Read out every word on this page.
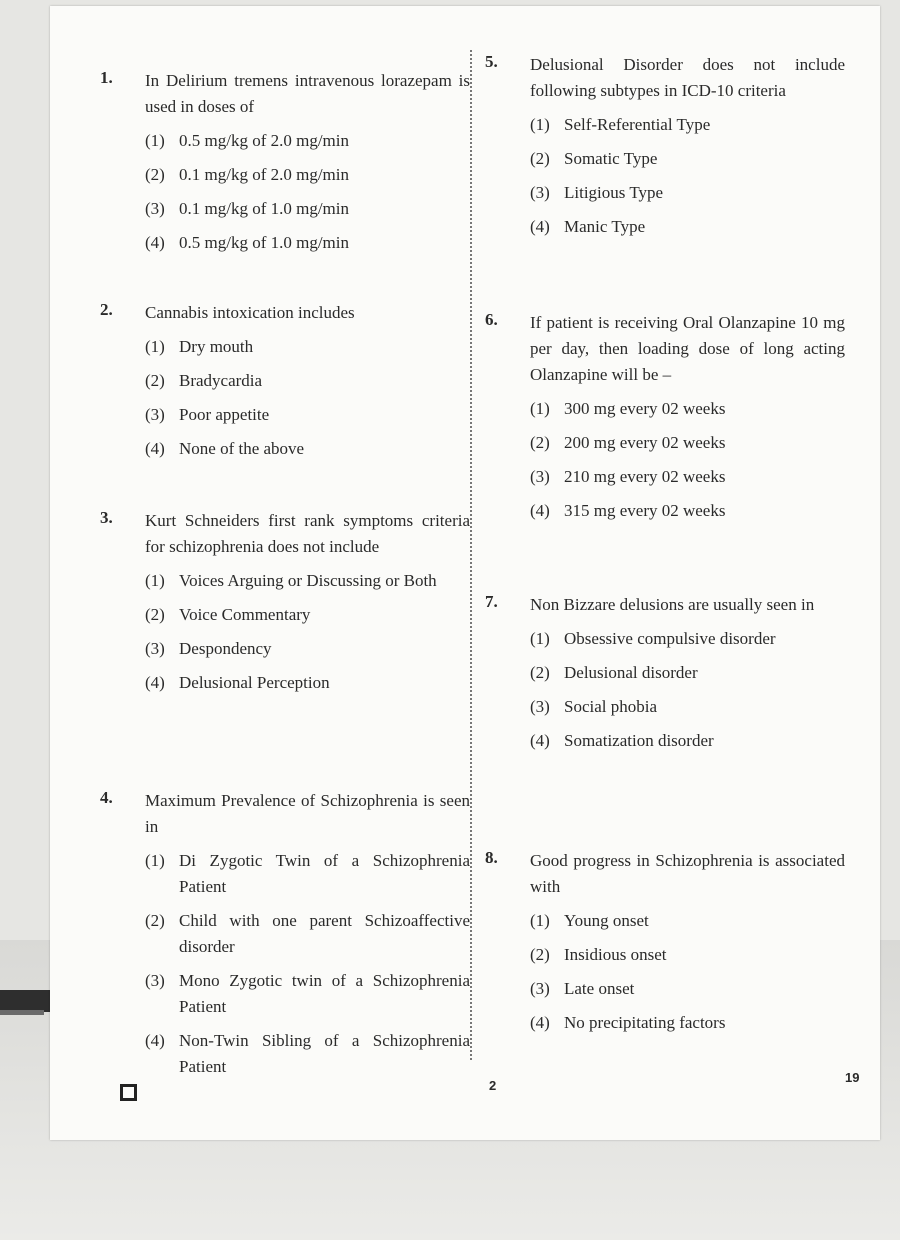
1.	In Delirium tremens intravenous lorazepam is used in doses of
(1) 0.5 mg/kg of 2.0 mg/min
(2) 0.1 mg/kg of 2.0 mg/min
(3) 0.1 mg/kg of 1.0 mg/min
(4) 0.5 mg/kg of 1.0 mg/min
2.	Cannabis intoxication includes
(1) Dry mouth
(2) Bradycardia
(3) Poor appetite
(4) None of the above
3.	Kurt Schneiders first rank symptoms criteria for schizophrenia does not include
(1) Voices Arguing or Discussing or Both
(2) Voice Commentary
(3) Despondency
(4) Delusional Perception
4.	Maximum Prevalence of Schizophrenia is seen in
(1) Di Zygotic Twin of a Schizophrenia Patient
(2) Child with one parent Schizoaffective disorder
(3) Mono Zygotic twin of a Schizophrenia Patient
(4) Non-Twin Sibling of a Schizophrenia Patient
5.	Delusional Disorder does not include following subtypes in ICD-10 criteria
(1) Self-Referential Type
(2) Somatic Type
(3) Litigious Type
(4) Manic Type
6.	If patient is receiving Oral Olanzapine 10 mg per day, then loading dose of long acting Olanzapine will be –
(1) 300 mg every 02 weeks
(2) 200 mg every 02 weeks
(3) 210 mg every 02 weeks
(4) 315 mg every 02 weeks
7.	Non Bizzare delusions are usually seen in
(1) Obsessive compulsive disorder
(2) Delusional disorder
(3) Social phobia
(4) Somatization disorder
8.	Good progress in Schizophrenia is associated with
(1) Young onset
(2) Insidious onset
(3) Late onset
(4) No precipitating factors
2
19
